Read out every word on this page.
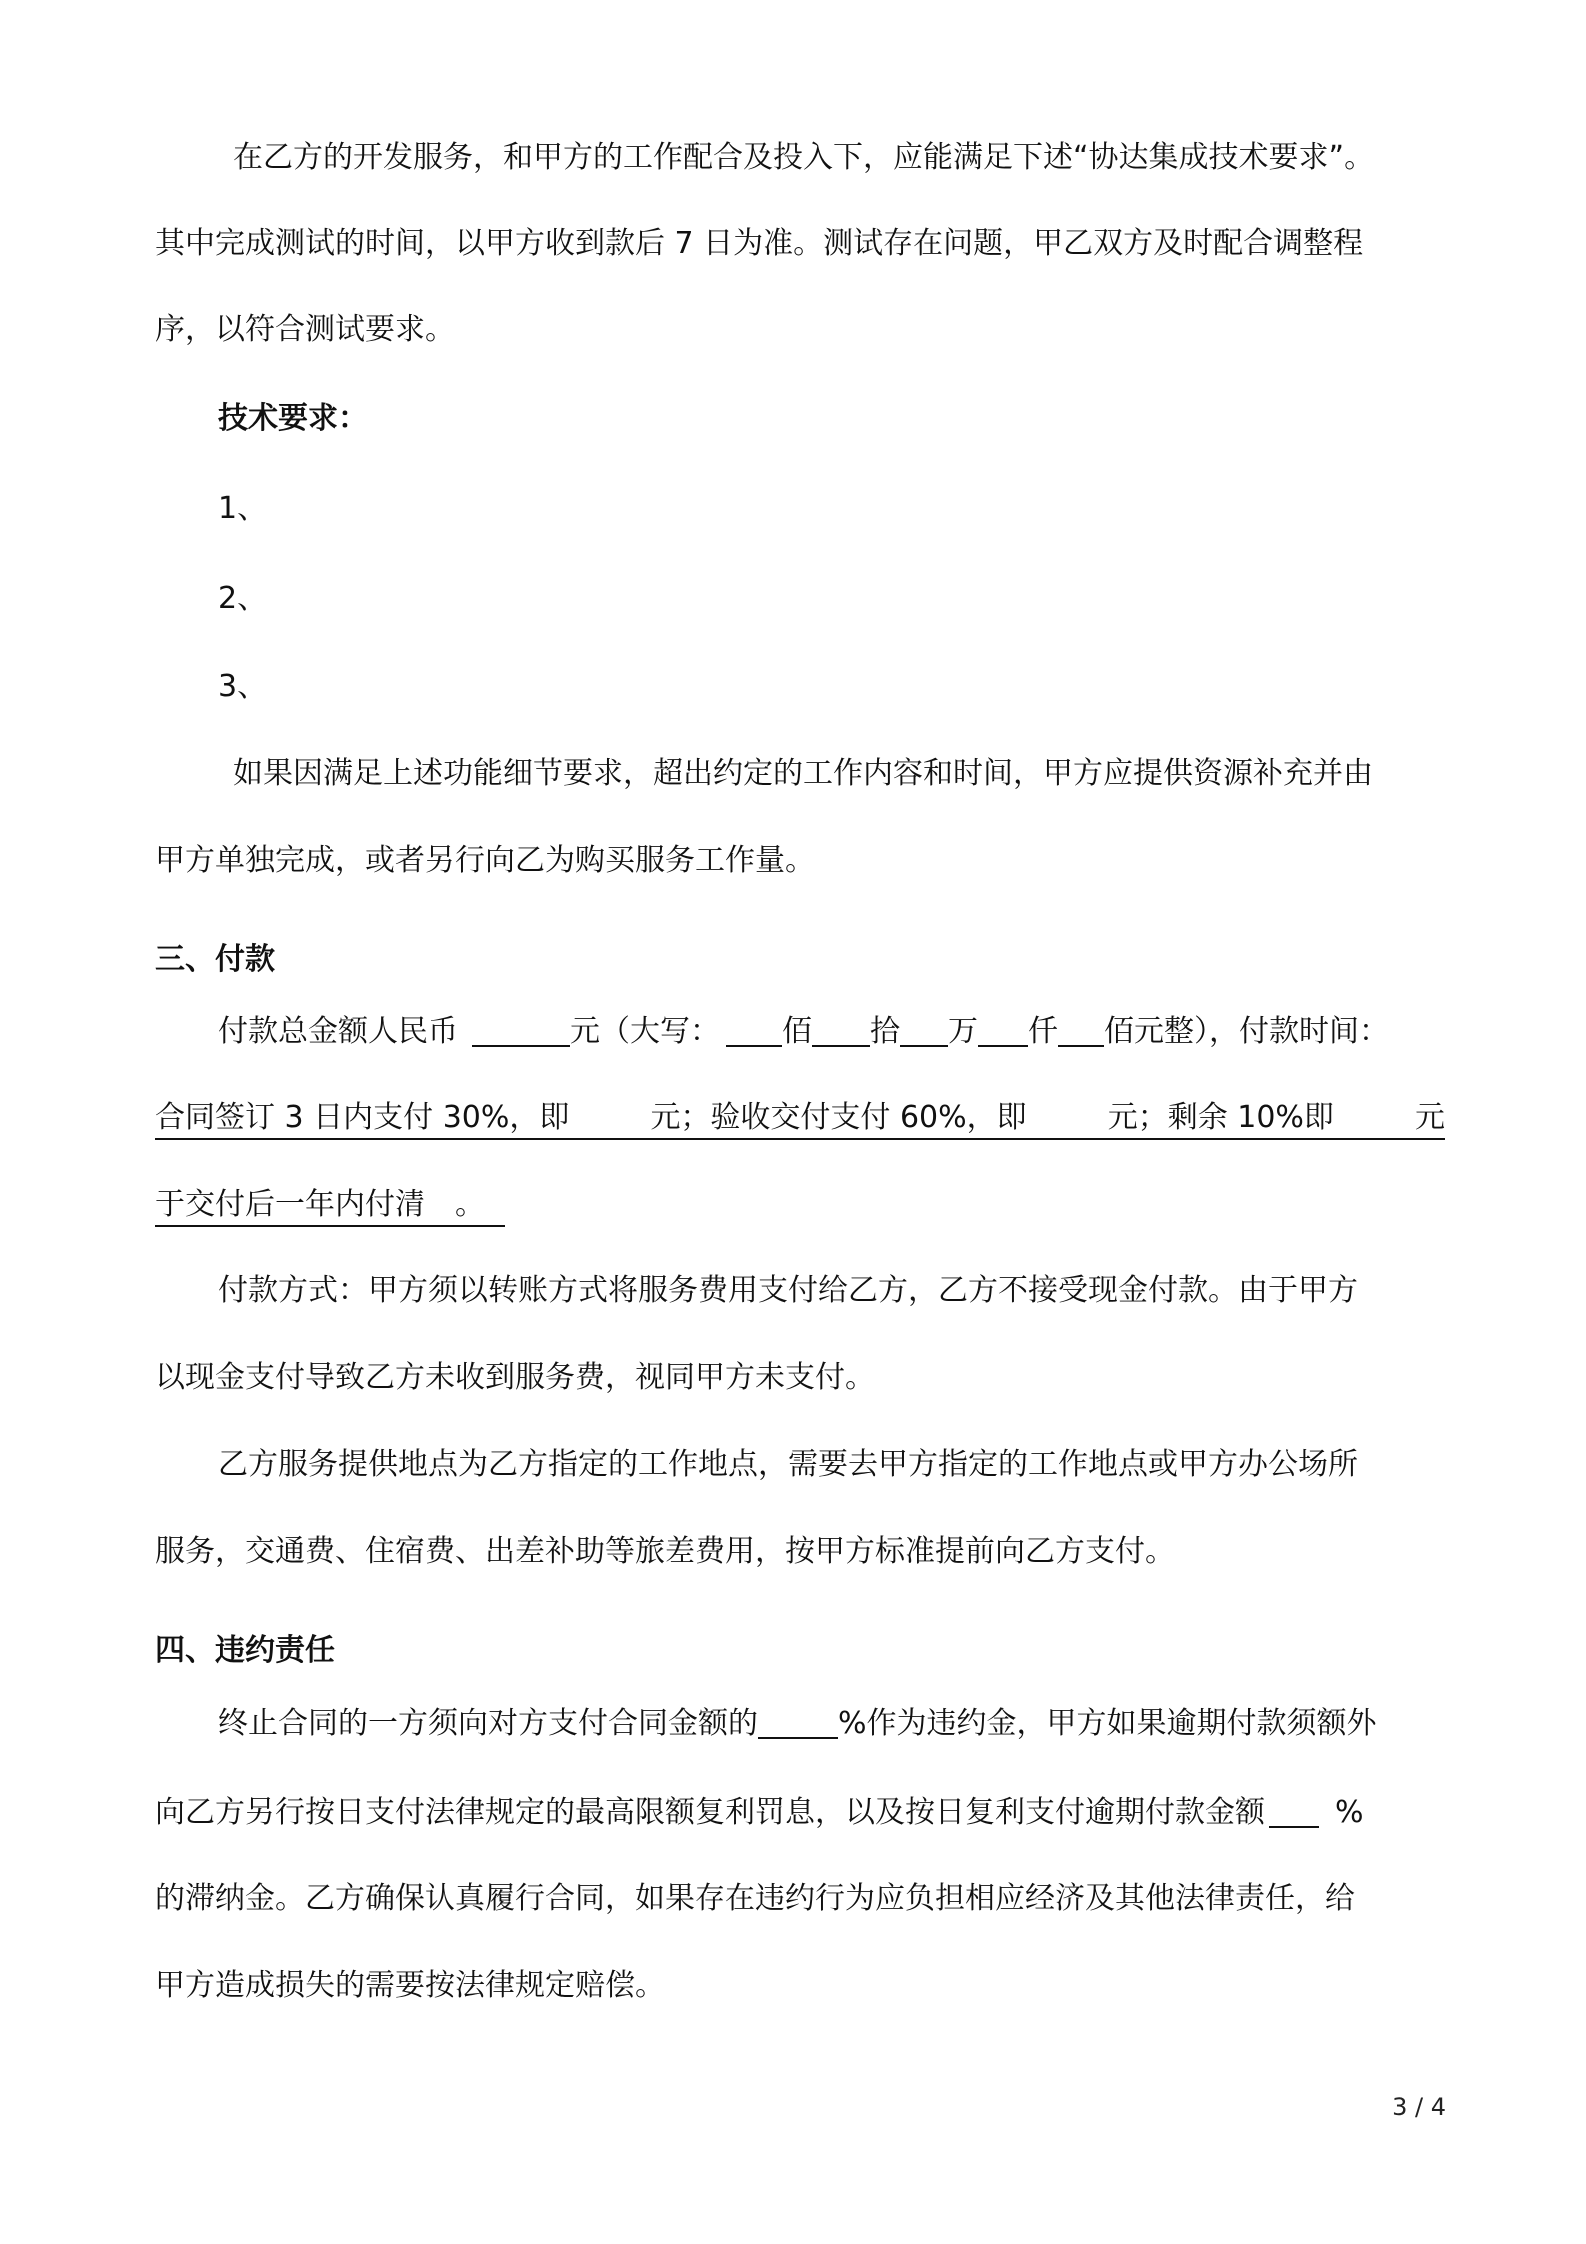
在乙方的开发服务，和甲方的工作配合及投入下，应能满足下述“协达集成技术要求”。
其中完成测试的时间，以甲方收到款后 7 日为准。测试存在问题，甲乙双方及时配合调整程
序，以符合测试要求。
技术要求：
1、
2、
3、
如果因满足上述功能细节要求，超出约定的工作内容和时间，甲方应提供资源补充并由
甲方单独完成，或者另行向乙为购买服务工作量。
三、付款
付款总金额人民币	元（大写： 佰 拾 万 仟 佰元整），付款时间：
合同签订 3 日内支付 30%，即	元；验收交付支付 60%，即	元；剩余 10%即	元
于交付后一年内付清 。
付款方式：甲方须以转账方式将服务费用支付给乙方，乙方不接受现金付款。由于甲方
以现金支付导致乙方未收到服务费，视同甲方未支付。
乙方服务提供地点为乙方指定的工作地点，需要去甲方指定的工作地点或甲方办公场所
服务，交通费、住宿费、出差补助等旅差费用，按甲方标准提前向乙方支付。
四、违约责任
终止合同的一方须向对方支付合同金额的	%作为违约金，甲方如果逾期付款须额外
向乙方另行按日支付法律规定的最高限额复利罚息，以及按日复利支付逾期付款金额 %
的滞纳金。乙方确保认真履行合同，如果存在违约行为应负担相应经济及其他法律责任，给
甲方造成损失的需要按法律规定赔偿。
3 / 4
